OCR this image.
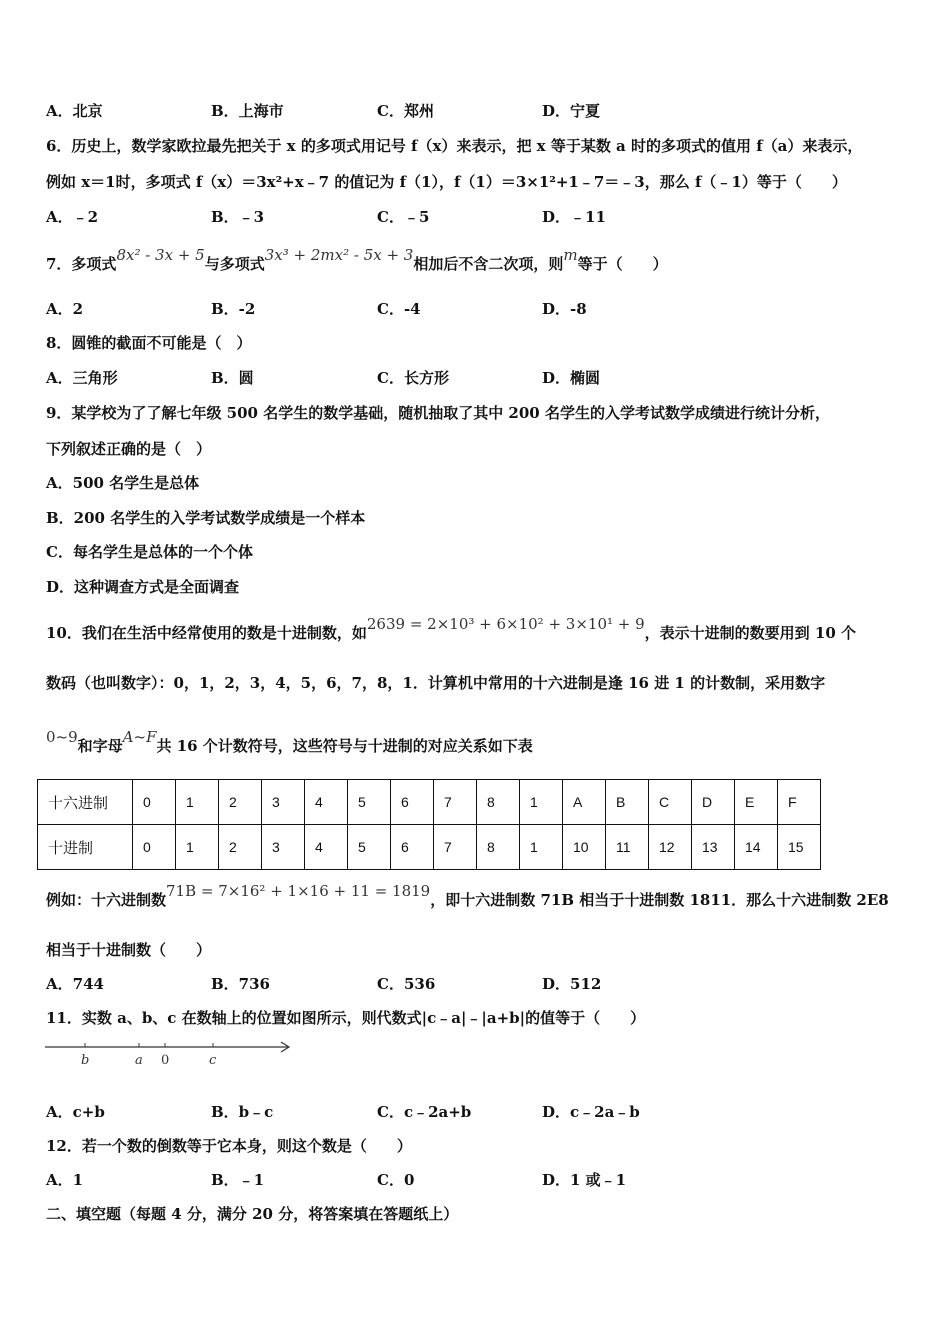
A．北京	B．上海市	C．郑州	D．宁夏
6．历史上，数学家欧拉最先把关于 x 的多项式用记号 f（x）来表示，把 x 等于某数 a 时的多项式的值用 f（a）来表示，
例如 x＝1时，多项式 f（x）＝3x²+x﹣7 的值记为 f（1），f（1）＝3×1²+1﹣7＝﹣3，那么 f（﹣1）等于（　　）
A．﹣2	B．﹣3	C．﹣5	D．﹣11
7．多项式8x² - 3x + 5与多项式3x³ + 2mx² - 5x + 3相加后不含二次项，则m等于（　　）
A．2	B．-2	C．-4	D．-8
8．圆锥的截面不可能是（　）
A．三角形	B．圆	C．长方形	D．椭圆
9．某学校为了了解七年级 500 名学生的数学基础，随机抽取了其中 200 名学生的入学考试数学成绩进行统计分析，
下列叙述正确的是（　）
A．500 名学生是总体
B．200 名学生的入学考试数学成绩是一个样本
C．每名学生是总体的一个个体
D．这种调查方式是全面调查
10．我们在生活中经常使用的数是十进制数，如2639 = 2×10³ + 6×10² + 3×10¹ + 9，表示十进制的数要用到 10 个
数码（也叫数字）：0，1，2，3，4，5，6，7，8，1．计算机中常用的十六进制是逢 16 进 1 的计数制，采用数字
0~9和字母A~F共 16 个计数符号，这些符号与十进制的对应关系如下表
十六进制	0	1	2	3	4	5	6	7	8	1	A	B	C	D	E	F
十进制	0	1	2	3	4	5	6	7	8	1	10	11	12	13	14	15
例如：十六进制数71B = 7×16² + 1×16 + 11 = 1819，即十六进制数 71B 相当于十进制数 1811．那么十六进制数 2E8
相当于十进制数（　　）
A．744	B．736	C．536	D．512
11．实数 a、b、c 在数轴上的位置如图所示，则代数式|c﹣a|﹣|a+b|的值等于（　　）
b	a 0	c
A．c+b	B．b﹣c	C．c﹣2a+b	D．c﹣2a﹣b
12．若一个数的倒数等于它本身，则这个数是（　　）
A．1	B．﹣1	C．0	D．1 或﹣1
二、填空题（每题 4 分，满分 20 分，将答案填在答题纸上）
